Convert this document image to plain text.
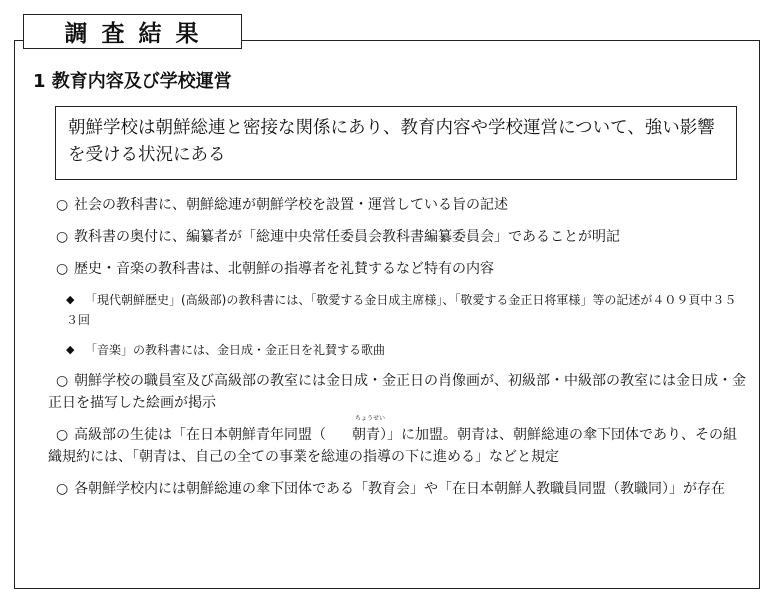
調査結果
1 教育内容及び学校運営
朝鮮学校は朝鮮総連と密接な関係にあり、教育内容や学校運営について、強い影響を受ける状況にある
○ 社会の教科書に、朝鮮総連が朝鮮学校を設置・運営している旨の記述
○ 教科書の奥付に、編纂者が「総連中央常任委員会教科書編纂委員会」であることが明記
○ 歴史・音楽の教科書は、北朝鮮の指導者を礼賛するなど特有の内容
◆ 「現代朝鮮歴史」(高級部)の教科書には、「敬愛する金日成主席様」、「敬愛する金正日将軍様」等の記述が４０９頁中３５３回
◆ 「音楽」の教科書には、金日成・金正日を礼賛する歌曲
○ 朝鮮学校の職員室及び高級部の教室には金日成・金正日の肖像画が、初級部・中級部の教室には金日成・金正日を描写した絵画が掲示
○ 高級部の生徒は「在日本朝鮮青年同盟（
ちょうせい
朝青）」に加盟。朝青は、朝鮮総連の傘下団体であり、その組織規約には、「朝青は、自己の全ての事業を総連の指導の下に進める」などと規定
○ 各朝鮮学校内には朝鮮総連の傘下団体である「教育会」や「在日本朝鮮人教職員同盟（教職同）」が存在
